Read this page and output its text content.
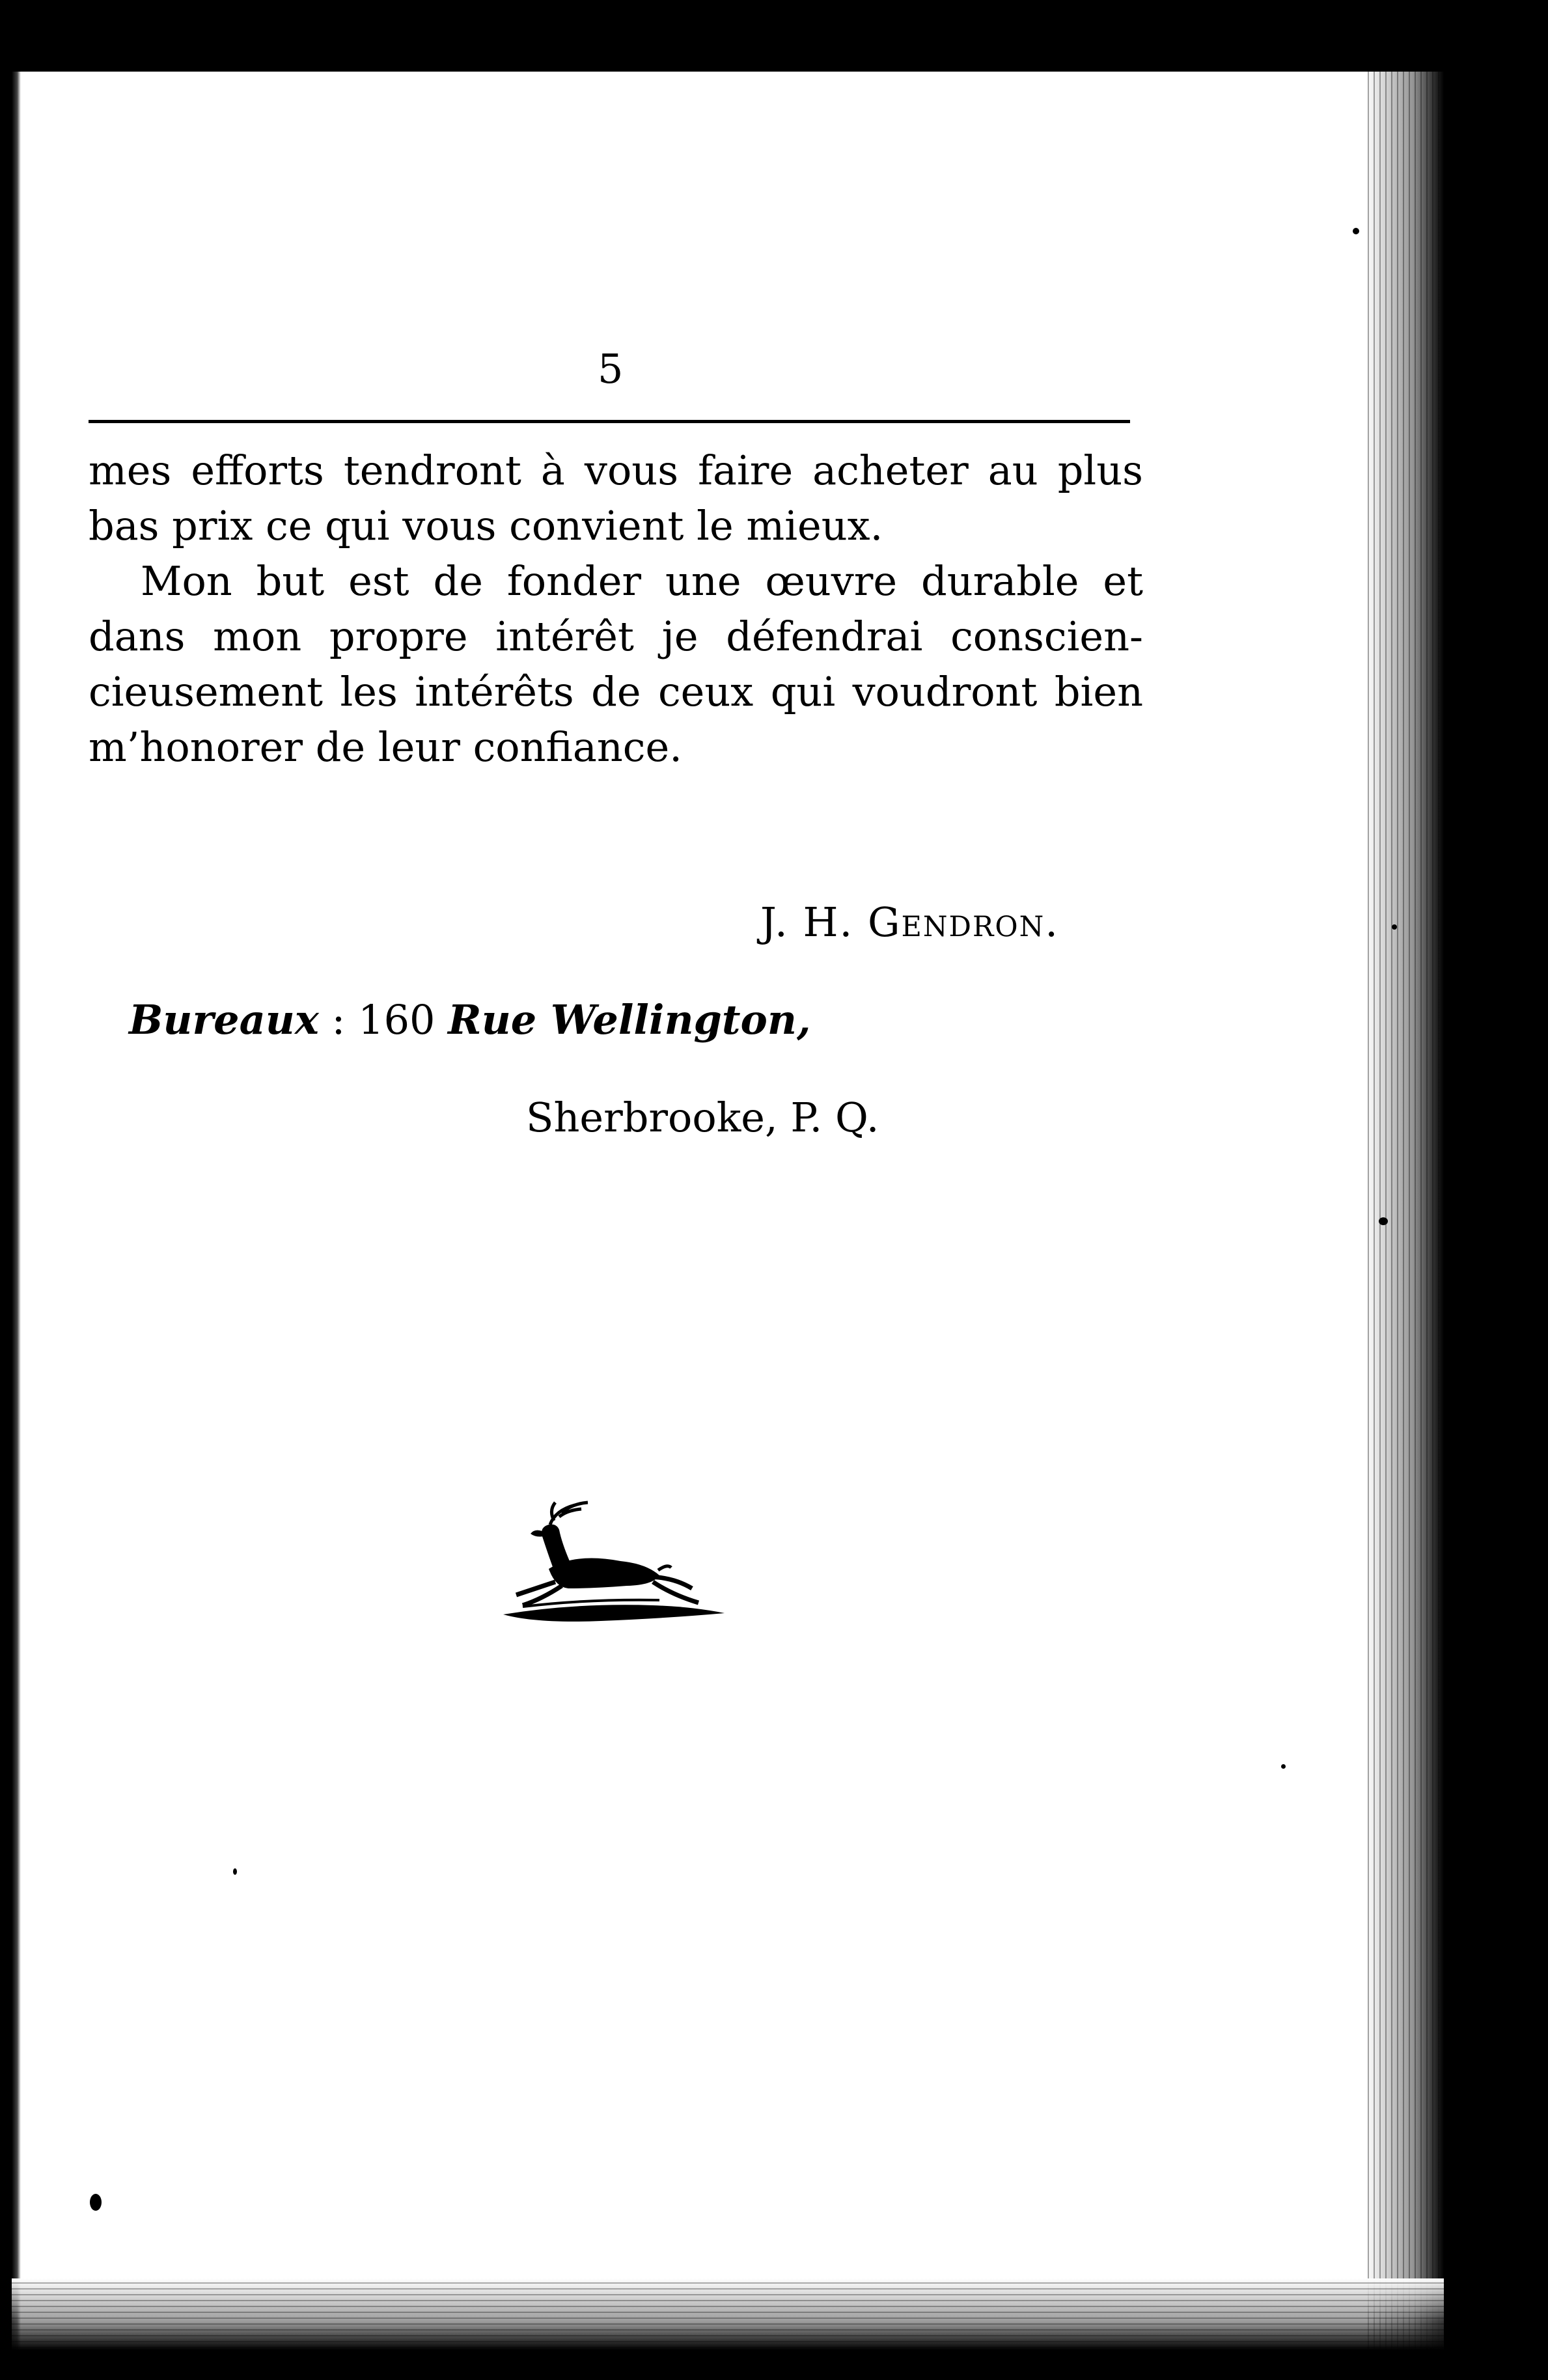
5
mes efforts tendront à vous faire acheter au plus
bas prix ce qui vous convient le mieux.
Mon but est de fonder une œuvre durable et
dans mon propre intérêt je défendrai conscien-
cieusement les intérêts de ceux qui voudront bien
m’honorer de leur confiance.
J. H. Gendron.
Bureaux : 160 Rue Wellington,
Sherbrooke, P. Q.
